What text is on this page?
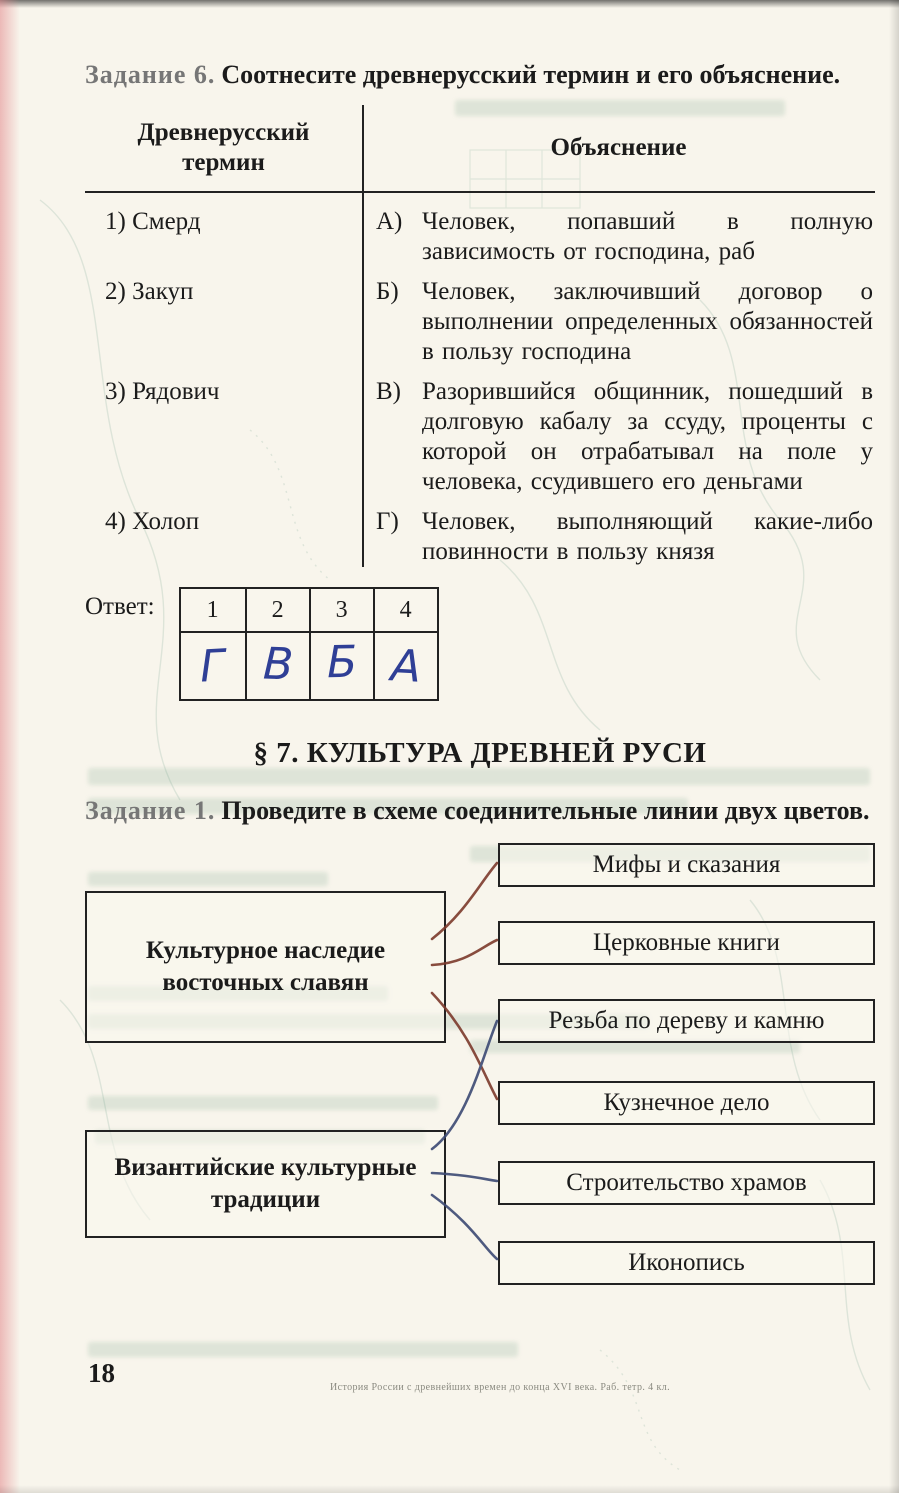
Задание 6. Соотнесите древнерусский термин и его объяснение.

Древнерусский термин
Объяснение
1) Смерд	А) Человек, попавший в полную зависимость от господина, раб
2) Закуп	Б) Человек, заключивший договор о выполнении определенных обязанностей в пользу господина
3) Рядович	В) Разорившийся общинник, пошедший в долговую кабалу за ссуду, проценты с которой он отрабатывал на поле у человека, ссудившего его деньгами
4) Холоп	Г) Человек, выполняющий какие-либо повинности в пользу князя
Ответ:	1	2	3	4
Г В Б А
§ 7. КУЛЬТУРА ДРЕВНЕЙ РУСИ

Задание 1. Проведите в схеме соединительные линии двух цветов.

Культурное наследие восточных славян
Византийские культурные традиции
Мифы и сказания
Церковные книги
Резьба по дереву и камню
Кузнечное дело
Строительство храмов
Иконопись
18	История России с древнейших времен до конца XVI века. Раб. тетр. 4 кл.
